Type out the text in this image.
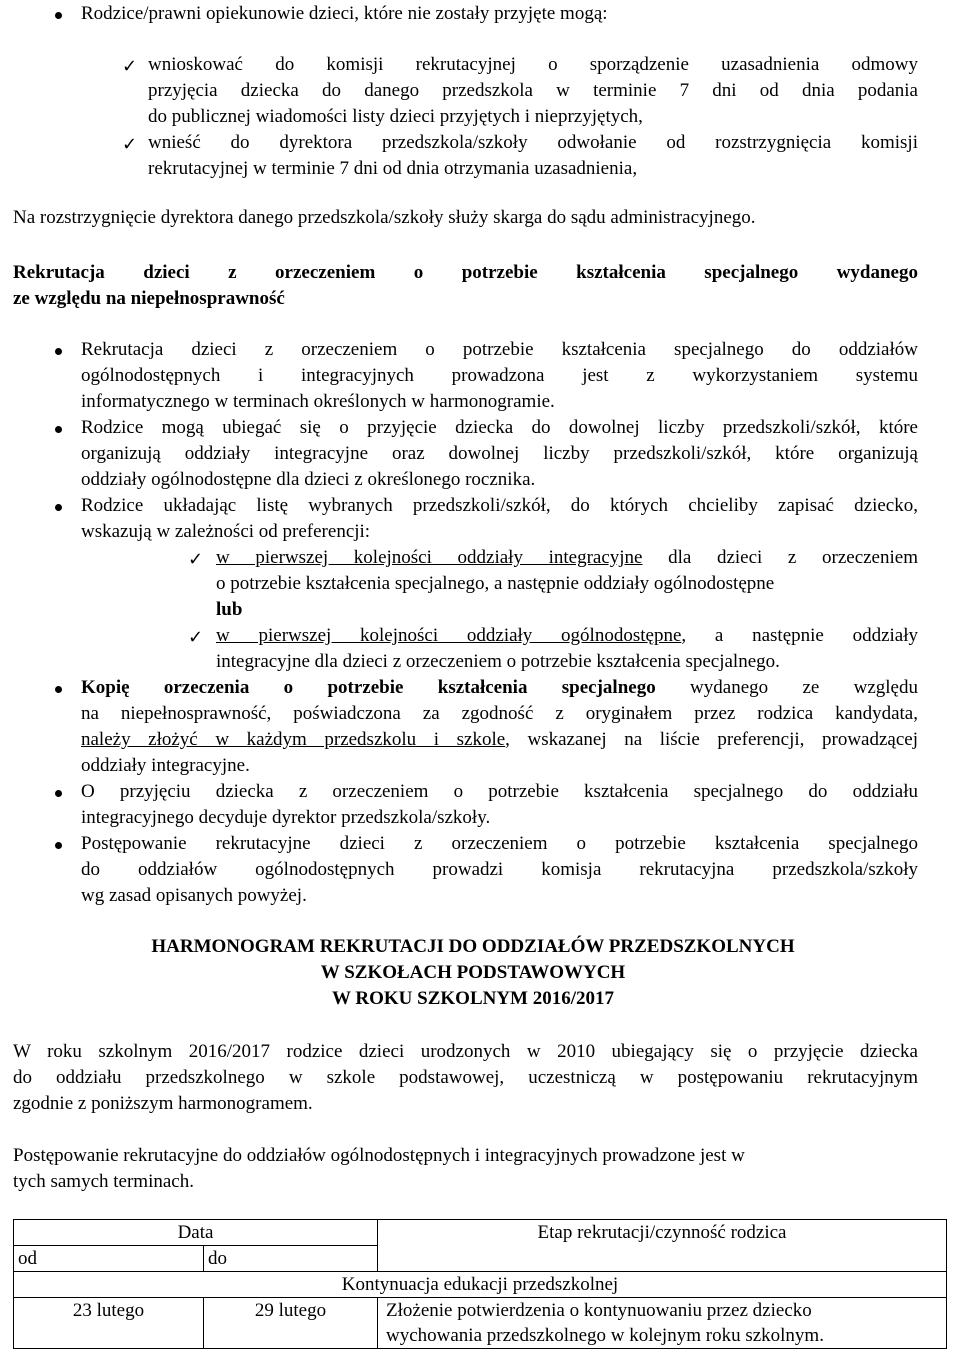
Rodzice/prawni opiekunowie dzieci, które nie zostały przyjęte mogą:

✓ wnioskować do komisji rekrutacyjnej o sporządzenie uzasadnienia odmowy

przyjęcia dziecka do danego przedszkola w terminie 7 dni od dnia podania

do publicznej wiadomości listy dzieci przyjętych i nieprzyjętych,

✓ wnieść do dyrektora przedszkola/szkoły odwołanie od rozstrzygnięcia komisji

rekrutacyjnej w terminie 7 dni od dnia otrzymania uzasadnienia,

Na rozstrzygnięcie dyrektora danego przedszkola/szkoły służy skarga do sądu administracyjnego.

Rekrutacja dzieci z orzeczeniem o potrzebie kształcenia specjalnego wydanego

ze względu na niepełnosprawność

Rekrutacja dzieci z orzeczeniem o potrzebie kształcenia specjalnego do oddziałów

ogólnodostępnych i integracyjnych prowadzona jest z wykorzystaniem systemu

informatycznego w terminach określonych w harmonogramie.

Rodzice mogą ubiegać się o przyjęcie dziecka do dowolnej liczby przedszkoli/szkół, które

organizują oddziały integracyjne oraz dowolnej liczby przedszkoli/szkół, które organizują

oddziały ogólnodostępne dla dzieci z określonego rocznika.

Rodzice układając listę wybranych przedszkoli/szkół, do których chcieliby zapisać dziecko,

wskazują w zależności od preferencji:

✓ w pierwszej kolejności oddziały integracyjne dla dzieci z orzeczeniem

o potrzebie kształcenia specjalnego, a następnie oddziały ogólnodostępne

lub

✓ w pierwszej kolejności oddziały ogólnodostępne, a następnie oddziały

integracyjne dla dzieci z orzeczeniem o potrzebie kształcenia specjalnego.

Kopię orzeczenia o potrzebie kształcenia specjalnego wydanego ze względu

na niepełnosprawność, poświadczona za zgodność z oryginałem przez rodzica kandydata,

należy złożyć w każdym przedszkolu i szkole, wskazanej na liście preferencji, prowadzącej

oddziały integracyjne.

O przyjęciu dziecka z orzeczeniem o potrzebie kształcenia specjalnego do oddziału

integracyjnego decyduje dyrektor przedszkola/szkoły.

Postępowanie rekrutacyjne dzieci z orzeczeniem o potrzebie kształcenia specjalnego

do oddziałów ogólnodostępnych prowadzi komisja rekrutacyjna przedszkola/szkoły

wg zasad opisanych powyżej.

HARMONOGRAM REKRUTACJI DO ODDZIAŁÓW PRZEDSZKOLNYCH

W SZKOŁACH PODSTAWOWYCH

W ROKU SZKOLNYM 2016/2017

W roku szkolnym 2016/2017 rodzice dzieci urodzonych w 2010 ubiegający się o przyjęcie dziecka

do oddziału przedszkolnego w szkole podstawowej, uczestniczą w postępowaniu rekrutacyjnym

zgodnie z poniższym harmonogramem.

Postępowanie rekrutacyjne do oddziałów ogólnodostępnych i integracyjnych prowadzone jest w

tych samych terminach.

Data		Etap rekrutacji/czynność rodzica
od	do	
Kontynuacja edukacji przedszkolnej		
23 lutego	29 lutego	Złożenie potwierdzenia o kontynuowaniu przez dziecko
wychowania przedszkolnego w kolejnym roku szkolnym.
